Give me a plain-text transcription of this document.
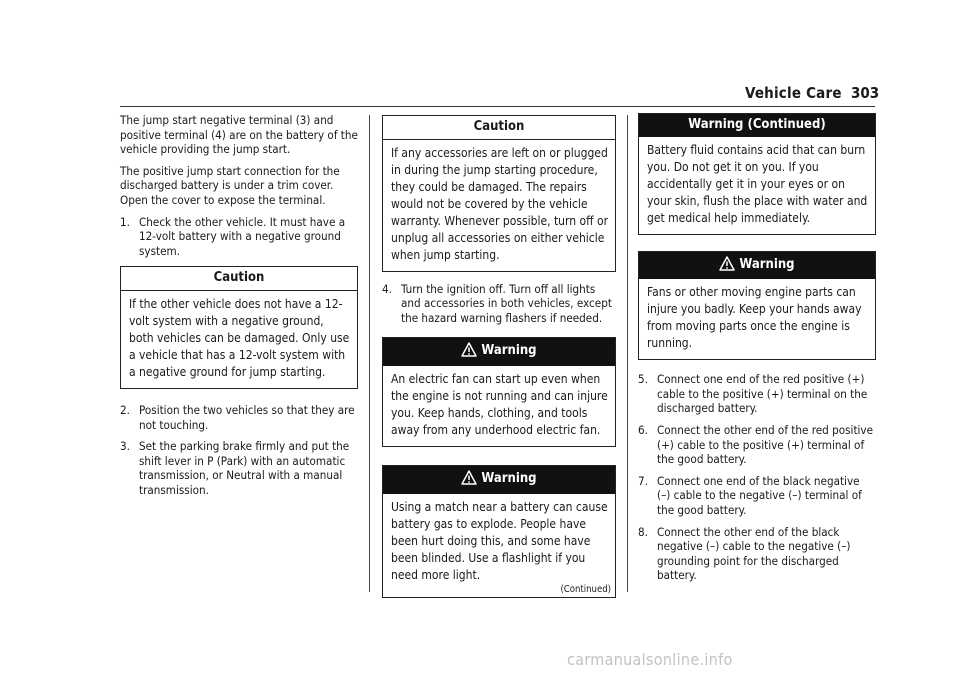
Vehicle Care 303

The jump start negative terminal (3) and positive terminal (4) are on the battery of the vehicle providing the jump start.

The positive jump start connection for the discharged battery is under a trim cover. Open the cover to expose the terminal.

1. Check the other vehicle. It must have a 12-volt battery with a negative ground system.
Caution
If the other vehicle does not have a 12-volt system with a negative ground, both vehicles can be damaged. Only use a vehicle that has a 12-volt system with a negative ground for jump starting.
2. Position the two vehicles so that they are not touching.
3. Set the parking brake firmly and put the shift lever in P (Park) with an automatic transmission, or Neutral with a manual transmission.
Caution
If any accessories are left on or plugged in during the jump starting procedure, they could be damaged. The repairs would not be covered by the vehicle warranty. Whenever possible, turn off or unplug all accessories on either vehicle when jump starting.
4. Turn the ignition off. Turn off all lights and accessories in both vehicles, except the hazard warning flashers if needed.
Warning
An electric fan can start up even when the engine is not running and can injure you. Keep hands, clothing, and tools away from any underhood electric fan.
Warning
Using a match near a battery can cause battery gas to explode. People have been hurt doing this, and some have been blinded. Use a flashlight if you need more light.
(Continued)
Warning (Continued)
Battery fluid contains acid that can burn you. Do not get it on you. If you accidentally get it in your eyes or on your skin, flush the place with water and get medical help immediately.
Warning
Fans or other moving engine parts can injure you badly. Keep your hands away from moving parts once the engine is running.
5. Connect one end of the red positive (+) cable to the positive (+) terminal on the discharged battery.
6. Connect the other end of the red positive (+) cable to the positive (+) terminal of the good battery.
7. Connect one end of the black negative (–) cable to the negative (–) terminal of the good battery.
8. Connect the other end of the black negative (–) cable to the negative (–) grounding point for the discharged battery.
carmanualsonline.info
